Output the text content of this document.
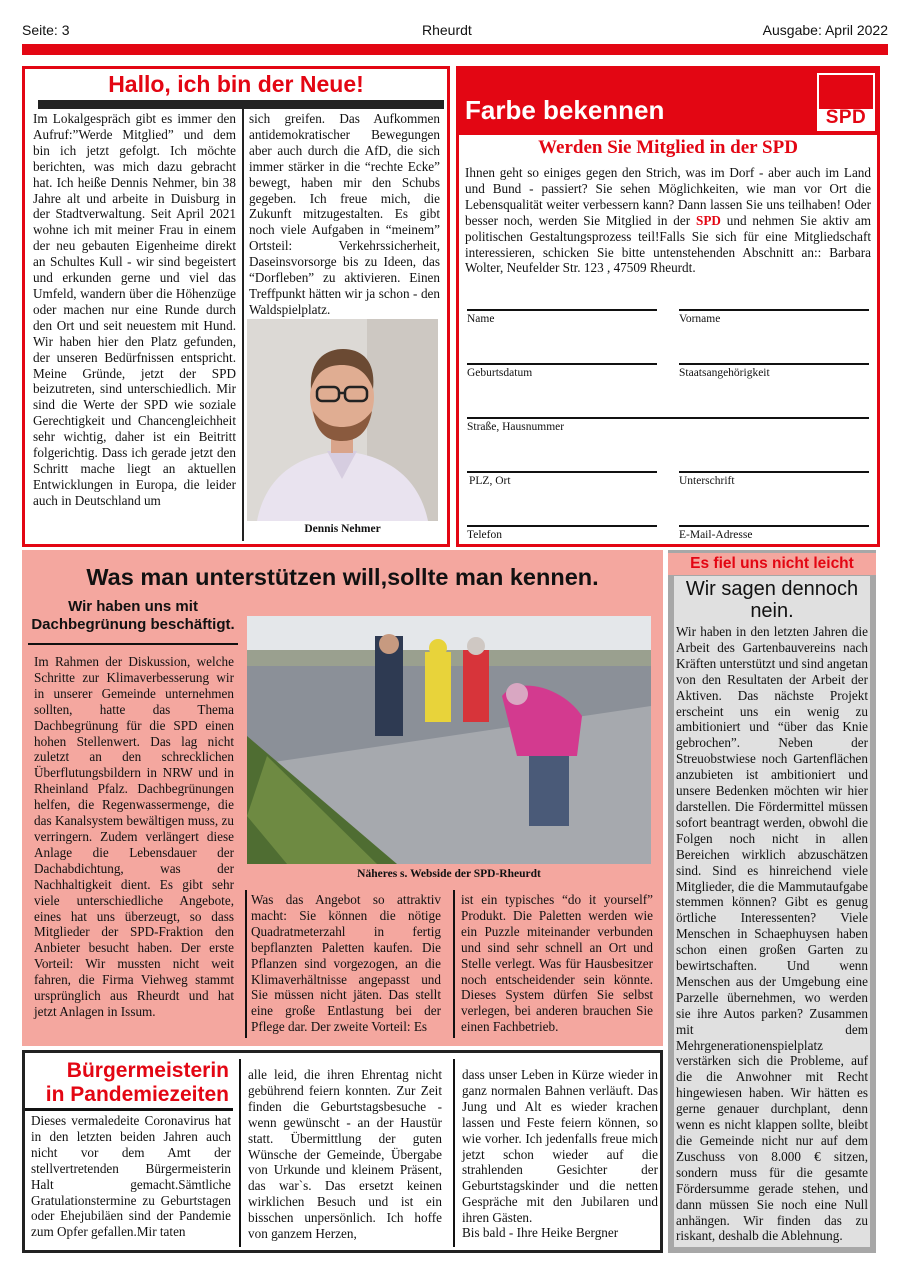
Seite: 3	Rheurdt	Ausgabe: April 2022
Hallo, ich bin der Neue!
Im Lokalgespräch gibt es immer den Aufruf:”Werde Mitglied” und dem bin ich jetzt gefolgt. Ich möchte berichten, was mich dazu gebracht hat. Ich heiße Dennis Nehmer, bin 38 Jahre alt und arbeite in Duisburg in der Stadtverwaltung. Seit April 2021 wohne ich mit meiner Frau in einem der neu gebauten Eigenheime direkt an Schultes Kull - wir sind begeistert und erkunden gerne und viel das Umfeld, wandern über die Höhenzüge oder machen nur eine Runde durch den Ort und seit neuestem mit Hund. Wir haben hier den Platz gefunden, der unseren Bedürfnissen entspricht. Meine Gründe, jetzt der SPD beizutreten, sind unterschiedlich. Mir sind die Werte der SPD wie soziale Gerechtigkeit und Chancengleichheit sehr wichtig, daher ist ein Beitritt folgerichtig. Dass ich gerade jetzt den Schritt mache liegt an aktuellen Entwicklungen in Europa, die leider auch in Deutschland um
sich greifen. Das Aufkommen antidemokratischer Bewegungen aber auch durch die AfD, die sich immer stärker in die “rechte Ecke” bewegt, haben mir den Schubs gegeben. Ich freue mich, die Zukunft mitzugestalten. Es gibt noch viele Aufgaben in “meinem” Ortsteil: Verkehrssicherheit, Daseinsvorsorge bis zu Ideen, das “Dorfleben” zu aktivieren. Einen Treffpunkt hätten wir ja schon - den Waldspielplatz.
Dennis Nehmer
Farbe bekennen	SPD
Werden Sie Mitglied in der SPD
Ihnen geht so einiges gegen den Strich, was im Dorf - aber auch im Land und Bund - passiert? Sie sehen Möglichkeiten, wie man vor Ort die Lebensqualität weiter verbessern kann? Dann lassen Sie uns teilhaben! Oder besser noch, werden Sie Mitglied in der SPD und nehmen Sie aktiv am politischen Gestaltungsprozess teil!Falls Sie sich für eine Mitgliedschaft interessieren, schicken Sie bitte untenstehenden Abschnitt an:: Barbara Wolter, Neufelder Str. 123 , 47509 Rheurdt.
Name	Vorname
Geburtsdatum	Staatsangehörigkeit
Straße, Hausnummer
PLZ, Ort	Unterschrift
Telefon	E-Mail-Adresse
Was man unterstützen will,sollte man kennen.
Wir haben uns mit Dachbegrünung beschäftigt.
Im Rahmen der Diskussion, welche Schritte zur Klimaverbesserung wir in unserer Gemeinde unternehmen sollten, hatte das Thema Dachbegrünung für die SPD einen hohen Stellenwert. Das lag nicht zuletzt an den schrecklichen Überflutungsbildern in NRW und in Rheinland Pfalz. Dachbegrünungen helfen, die Regenwassermenge, die das Kanalsystem bewältigen muss, zu verringern. Zudem verlängert diese Anlage die Lebensdauer der Dachabdichtung, was der Nachhaltigkeit dient. Es gibt sehr viele unterschiedliche Angebote, eines hat uns überzeugt, so dass Mitglieder der SPD-Fraktion den Anbieter besucht haben. Der erste Vorteil: Wir mussten nicht weit fahren, die Firma Viehweg stammt ursprünglich aus Rheurdt und hat jetzt Anlagen in Issum.
Näheres s. Webside der SPD-Rheurdt
Was das Angebot so attraktiv macht: Sie können die nötige Quadratmeterzahl in fertig bepflanzten Paletten kaufen. Die Pflanzen sind vorgezogen, an die Klimaverhältnisse angepasst und Sie müssen nicht jäten. Das stellt eine große Entlastung bei der Pflege dar. Der zweite Vorteil: Es
ist ein typisches “do it yourself” Produkt. Die Paletten werden wie ein Puzzle miteinander verbunden und sind sehr schnell an Ort und Stelle verlegt. Was für Hausbesitzer noch entscheidender sein könnte. Dieses System dürfen Sie selbst verlegen, bei anderen brauchen Sie einen Fachbetrieb.
Bürgermeisterin
in Pandemiezeiten
Dieses vermaledeite Coronavirus hat in den letzten beiden Jahren auch nicht vor dem Amt der stellvertretenden Bürgermeisterin Halt gemacht.Sämtliche Gratulationstermine zu Geburtstagen oder Ehejubiläen sind der Pandemie zum Opfer gefallen.Mir taten
alle leid, die ihren Ehrentag nicht gebührend feiern konnten. Zur Zeit finden die Geburtstagsbesuche - wenn gewünscht - an der Haustür statt. Übermittlung der guten Wünsche der Gemeinde, Übergabe von Urkunde und kleinem Präsent, das war`s. Das ersetzt keinen wirklichen Besuch und ist ein bisschen unpersönlich. Ich hoffe von ganzem Herzen,
dass unser Leben in Kürze wieder in ganz normalen Bahnen verläuft. Das Jung und Alt es wieder krachen lassen und Feste feiern können, so wie vorher. Ich jedenfalls freue mich jetzt schon wieder auf die strahlenden Gesichter der Geburtstagskinder und die netten Gespräche mit den Jubilaren und ihren Gästen.
Bis bald - Ihre Heike Bergner
Es fiel uns nicht leicht
Wir sagen dennoch nein.
Wir haben in den letzten Jahren die Arbeit des Gartenbauvereins nach Kräften unterstützt und sind angetan von den Resultaten der Arbeit der Aktiven. Das nächste Projekt erscheint uns ein wenig zu ambitioniert und “über das Knie gebrochen”. Neben der Streuobstwiese noch Gartenflächen anzubieten ist ambitioniert und unsere Bedenken möchten wir hier darstellen. Die Fördermittel müssen sofort beantragt werden, obwohl die Folgen noch nicht in allen Bereichen wirklich abzuschätzen sind. Sind es hinreichend viele Mitglieder, die die Mammutaufgabe stemmen können? Gibt es genug örtliche Interessenten? Viele Menschen in Schaephuysen haben schon einen großen Garten zu bewirtschaften. Und wenn Menschen aus der Umgebung eine Parzelle übernehmen, wo werden sie ihre Autos parken? Zusammen mit dem Mehrgenerationenspielplatz verstärken sich die Probleme, auf die die Anwohner mit Recht hingewiesen haben. Wir hätten es gerne genauer durchplant, denn wenn es nicht klappen sollte, bleibt die Gemeinde nicht nur auf dem Zuschuss von 8.000 € sitzen, sondern muss für die gesamte Fördersumme gerade stehen, und dann müssen Sie noch eine Null anhängen. Wir finden das zu riskant, deshalb die Ablehnung.
